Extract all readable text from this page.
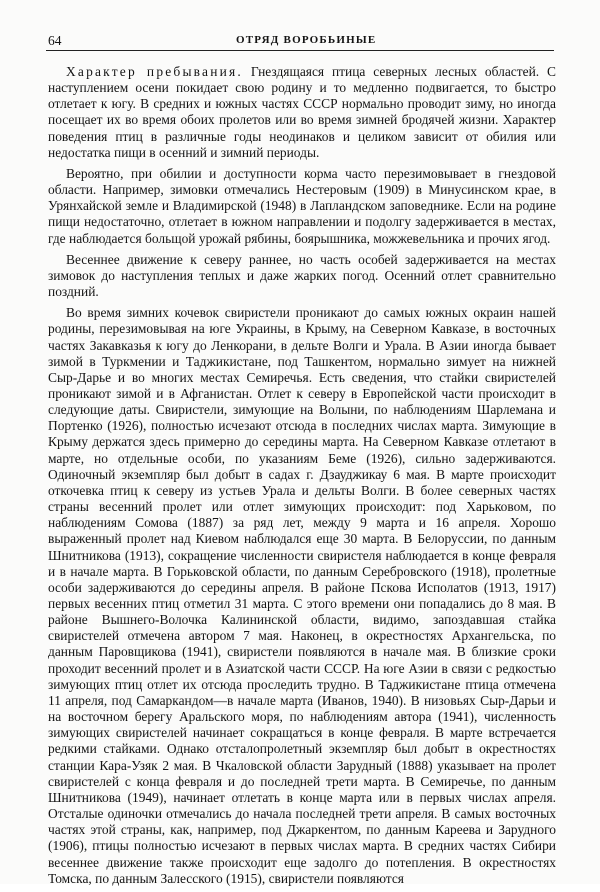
64	ОТРЯД ВОРОБЬИНЫЕ

Характер пребывания. Гнездящаяся птица северных лесных областей. С наступлением осени покидает свою родину и то медленно подвигается, то быстро отлетает к югу. В средних и южных частях СССР нормально проводит зиму, но иногда посещает их во время обоих пролетов или во время зимней бродячей жизни. Характер поведения птиц в различные годы неодинаков и целиком зависит от обилия или недостатка пищи в осенний и зимний периоды.

Вероятно, при обилии и доступности корма часто перезимовывает в гнездовой области. Например, зимовки отмечались Нестеровым (1909) в Минусинском крае, в Урянхайской земле и Владимирской (1948) в Лапландском заповеднике. Если на родине пищи недостаточно, отлетает в южном направлении и подолгу задерживается в местах, где наблюдается больщой урожай рябины, боярышника, можжевельника и прочих ягод.

Весеннее движение к северу раннее, но часть особей задерживается на местах зимовок до наступления теплых и даже жарких погод. Осенний отлет сравнительно поздний.

Во время зимних кочевок свиристели проникают до самых южных окраин нашей родины, перезимовывая на юге Украины, в Крыму, на Северном Кавказе, в восточных частях Закавказья к югу до Ленкорани, в дельте Волги и Урала. В Азии иногда бывает зимой в Туркмении и Таджикистане, под Ташкентом, нормально зимует на нижней Сыр-Дарье и во многих местах Семиречья. Есть сведения, что стайки свиристелей проникают зимой и в Афганистан. Отлет к северу в Европейской части происходит в следующие даты. Свиристели, зимующие на Волыни, по наблюдениям Шарлемана и Портенко (1926), полностью исчезают отсюда в последних числах марта. Зимующие в Крыму держатся здесь примерно до середины марта. На Северном Кавказе отлетают в марте, но отдельные особи, по указаниям Беме (1926), сильно задерживаются. Одиночный экземпляр был добыт в садах г. Дзауджикау 6 мая. В марте происходит откочевка птиц к северу из устьев Урала и дельты Волги. В более северных частях страны весенний пролет или отлет зимующих происходит: под Харьковом, по наблюдениям Сомова (1887) за ряд лет, между 9 марта и 16 апреля. Хорошо выраженный пролет над Киевом наблюдался еще 30 марта. В Белоруссии, по данным Шнитникова (1913), сокращение численности свиристеля наблюдается в конце февраля и в начале марта. В Горьковской области, по данным Серебровского (1918), пролетные особи задерживаются до середины апреля. В районе Пскова Исполатов (1913, 1917) первых весенних птиц отметил 31 марта. С этого времени они попадались до 8 мая. В районе Вышнего-Волочка Калининской области, видимо, запоздавшая стайка свиристелей отмечена автором 7 мая. Наконец, в окрестностях Архангельска, по данным Паровщикова (1941), свиристели появляются в начале мая. В близкие сроки проходит весенний пролет и в Азиатской части СССР. На юге Азии в связи с редкостью зимующих птиц отлет их отсюда проследить трудно. В Таджикистане птица отмечена 11 апреля, под Самаркандом—в начале марта (Иванов, 1940). В низовьях Сыр-Дарьи и на восточном берегу Аральского моря, по наблюдениям автора (1941), численность зимующих свиристелей начинает сокращаться в конце февраля. В марте встречается редкими стайками. Однако отсталопролетный экземпляр был добыт в окрестностях станции Кара-Узяк 2 мая. В Чкаловской области Зарудный (1888) указывает на пролет свиристелей с конца февраля и до последней трети марта. В Семиречье, по данным Шнитникова (1949), начинает отлетать в конце марта или в первых числах апреля. Отсталые одиночки отмечались до начала последней трети апреля. В самых восточных частях этой страны, как, например, под Джаркентом, по данным Кареева и Зарудного (1906), птицы полностью исчезают в первых числах марта. В средних частях Сибири весеннее движение также происходит еще задолго до потепления. В окрестностях Томска, по данным Залесского (1915), свиристели появляются
